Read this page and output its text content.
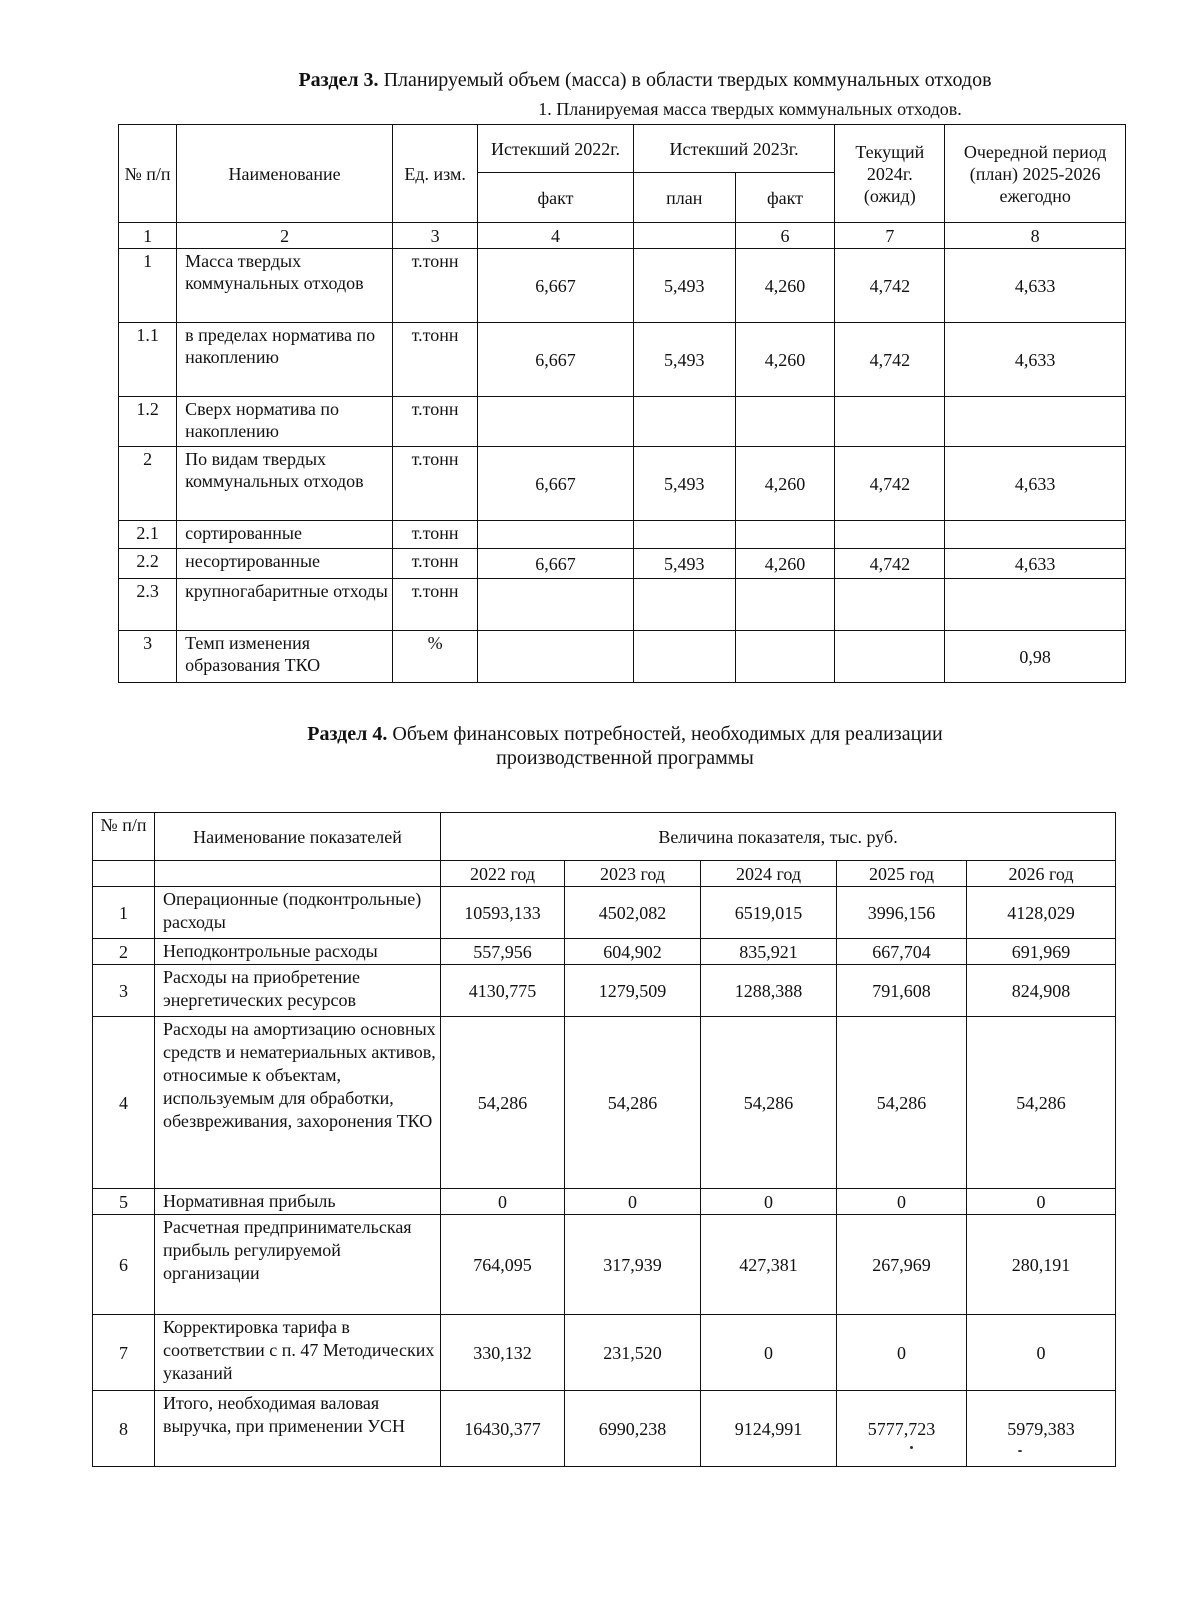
Раздел 3. Планируемый объем (масса) в области твердых коммунальных отходов
1. Планируемая масса твердых коммунальных отходов.
№ п/п	Наименование	Ед. изм.	Истекший 2022г.	Истекший 2023г.		Текущий 2024г. (ожид)	Очередной период (план) 2025-2026 ежегодно
			факт	план	факт		
1	2	3	4		6	7	8
1	Масса твердых коммунальных отходов	т.тонн	6,667	5,493	4,260	4,742	4,633
1.1	в пределах норматива по накоплению	т.тонн	6,667	5,493	4,260	4,742	4,633
1.2	Сверх норматива по накоплению	т.тонн					
2	По видам твердых коммунальных отходов	т.тонн	6,667	5,493	4,260	4,742	4,633
2.1	сортированные	т.тонн					
2.2	несортированные	т.тонн	6,667	5,493	4,260	4,742	4,633
2.3	крупногабаритные отходы	т.тонн					
3	Темп изменения образования ТКО	%					0,98
Раздел 4. Объем финансовых потребностей, необходимых для реализации
производственной программы
№ п/п	Наименование показателей	Величина показателя, тыс. руб.				
		2022 год	2023 год	2024 год	2025 год	2026 год
1	Операционные (подконтрольные) расходы	10593,133	4502,082	6519,015	3996,156	4128,029
2	Неподконтрольные расходы	557,956	604,902	835,921	667,704	691,969
3	Расходы на приобретение энергетических ресурсов	4130,775	1279,509	1288,388	791,608	824,908
4	Расходы на амортизацию основных средств и нематериальных активов, относимые к объектам, используемым для обработки, обезвреживания, захоронения ТКО	54,286	54,286	54,286	54,286	54,286
5	Нормативная прибыль	0	0	0	0	0
6	Расчетная предпринимательская прибыль регулируемой организации	764,095	317,939	427,381	267,969	280,191
7	Корректировка тарифа в соответствии с п. 47 Методических указаний	330,132	231,520	0	0	0
8	Итого, необходимая валовая выручка, при применении УСН	16430,377	6990,238	9124,991	5777,723	5979,383
